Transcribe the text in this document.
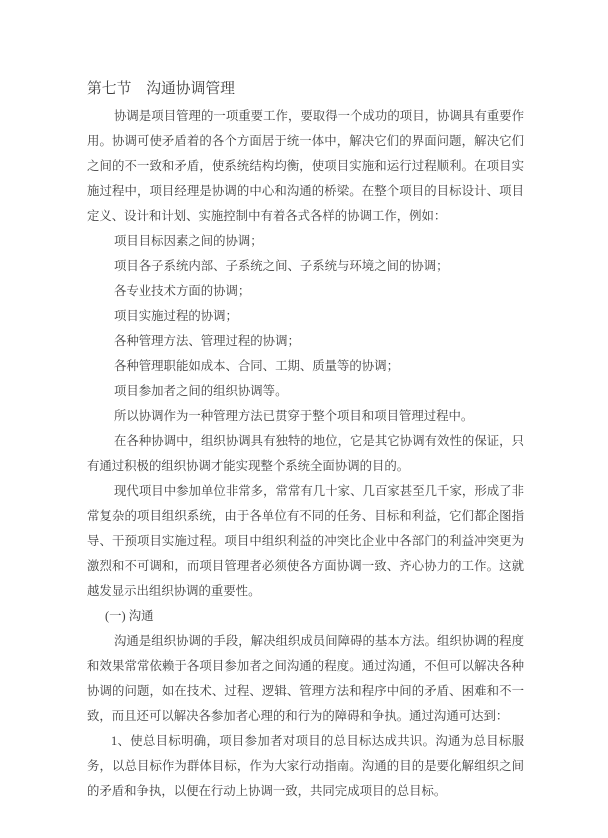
第七节　沟通协调管理

协调是项目管理的一项重要工作，要取得一个成功的项目，协调具有重要作用。协调可使矛盾着的各个方面居于统一体中，解决它们的界面问题，解决它们之间的不一致和矛盾，使系统结构均衡，使项目实施和运行过程顺利。在项目实施过程中，项目经理是协调的中心和沟通的桥梁。在整个项目的目标设计、项目定义、设计和计划、实施控制中有着各式各样的协调工作，例如：

项目目标因素之间的协调；

项目各子系统内部、子系统之间、子系统与环境之间的协调；

各专业技术方面的协调；

项目实施过程的协调；

各种管理方法、管理过程的协调；

各种管理职能如成本、合同、工期、质量等的协调；

项目参加者之间的组织协调等。

所以协调作为一种管理方法已贯穿于整个项目和项目管理过程中。

在各种协调中，组织协调具有独特的地位，它是其它协调有效性的保证，只有通过积极的组织协调才能实现整个系统全面协调的目的。

现代项目中参加单位非常多，常常有几十家、几百家甚至几千家，形成了非常复杂的项目组织系统，由于各单位有不同的任务、目标和利益，它们都企图指导、干预项目实施过程。项目中组织利益的冲突比企业中各部门的利益冲突更为激烈和不可调和，而项目管理者必须使各方面协调一致、齐心协力的工作。这就越发显示出组织协调的重要性。

(一) 沟通

沟通是组织协调的手段，解决组织成员间障碍的基本方法。组织协调的程度和效果常常依赖于各项目参加者之间沟通的程度。通过沟通，不但可以解决各种协调的问题，如在技术、过程、逻辑、管理方法和程序中间的矛盾、困难和不一致，而且还可以解决各参加者心理的和行为的障碍和争执。通过沟通可达到：

1、使总目标明确，项目参加者对项目的总目标达成共识。沟通为总目标服务，以总目标作为群体目标，作为大家行动指南。沟通的目的是要化解组织之间的矛盾和争执，以便在行动上协调一致，共同完成项目的总目标。
